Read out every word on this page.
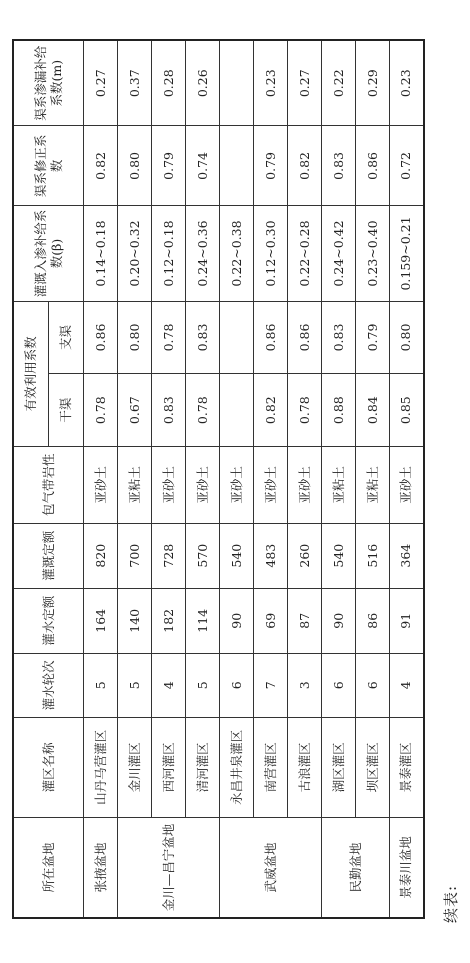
所在盆地	灌区名称	灌水轮次	灌水定额	灌溉定额	包气带岩性	有效利用系数		灌溉入渗补给系数(β)	渠系修正系数	渠系渗漏补给系数(m)
						干渠	支渠			
张掖盆地	山丹马营灌区	5	164	820	亚砂土	0.78	0.86	0.14~0.18	0.82	0.27
金川—昌宁盆地	金川灌区	5	140	700	亚粘土	0.67	0.80	0.20~0.32	0.80	0.37
	西河灌区	4	182	728	亚砂土	0.83	0.78	0.12~0.18	0.79	0.28
	清河灌区	5	114	570	亚砂土	0.78	0.83	0.24~0.36	0.74	0.26
武威盆地	永昌井泉灌区	6	90	540	亚砂土			0.22~0.38		
	南营灌区	7	69	483	亚砂土	0.82	0.86	0.12~0.30	0.79	0.23
	古浪灌区	3	87	260	亚砂土	0.78	0.86	0.22~0.28	0.82	0.27
民勤盆地	湖区灌区	6	90	540	亚粘土	0.88	0.83	0.24~0.42	0.83	0.22
	坝区灌区	6	86	516	亚粘土	0.84	0.79	0.23~0.40	0.86	0.29
景泰川盆地	景泰灌区	4	91	364	亚砂土	0.85	0.80	0.159~0.21	0.72	0.23
续表:
